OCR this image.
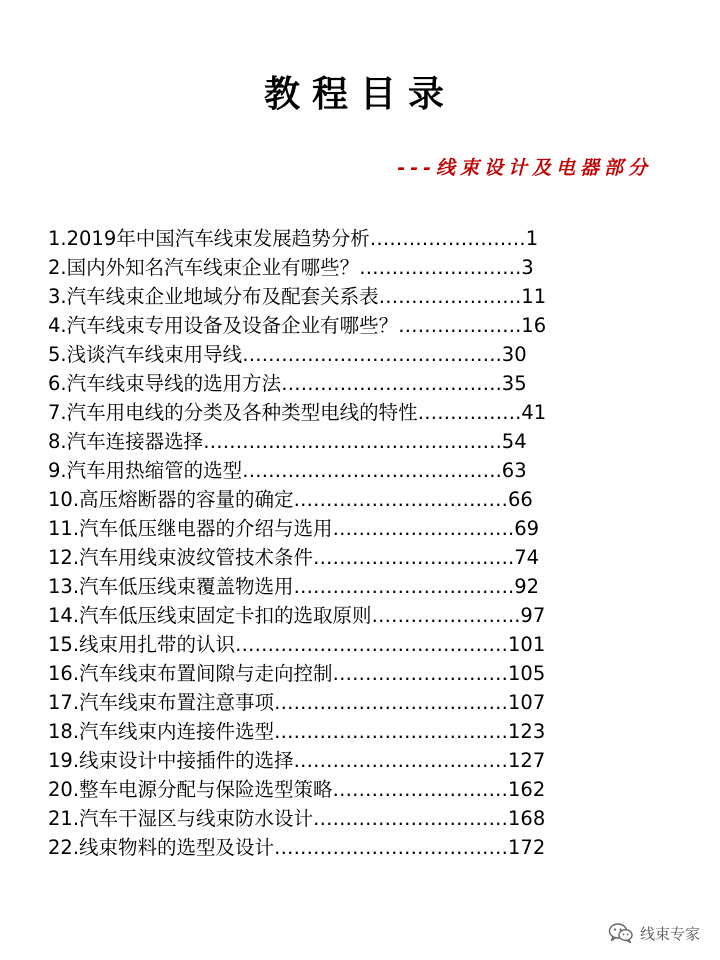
教程目录
---线束设计及电器部分
1.2019年中国汽车线束发展趋势分析……………………1
2.国内外知名汽车线束企业有哪些？…………………….3
3.汽车线束企业地域分布及配套关系表………………….11
4.汽车线束专用设备及设备企业有哪些？……………….16
5.浅谈汽车线束用导线………………………………….30
6.汽车线束导线的选用方法…………………………….35
7.汽车用电线的分类及各种类型电线的特性…………….41
8.汽车连接器选择……………………………………….54
9.汽车用热缩管的选型………………………………….63
10.高压熔断器的容量的确定……………………………66
11.汽车低压继电器的介绍与选用……………………….69
12.汽车用线束波纹管技术条件………………………….74
13.汽车低压线束覆盖物选用…………………………….92
14.汽车低压线束固定卡扣的选取原则…………………..97
15.线束用扎带的认识……………………………………101
16.汽车线束布置间隙与走向控制………………………105
17.汽车线束布置注意事项………………………………107
18.汽车线束内连接件选型………………………………123
19.线束设计中接插件的选择……………………………127
20.整车电源分配与保险选型策略………………………162
21.汽车干湿区与线束防水设计…………………………168
22.线束物料的选型及设计………………………………172
线束专家
